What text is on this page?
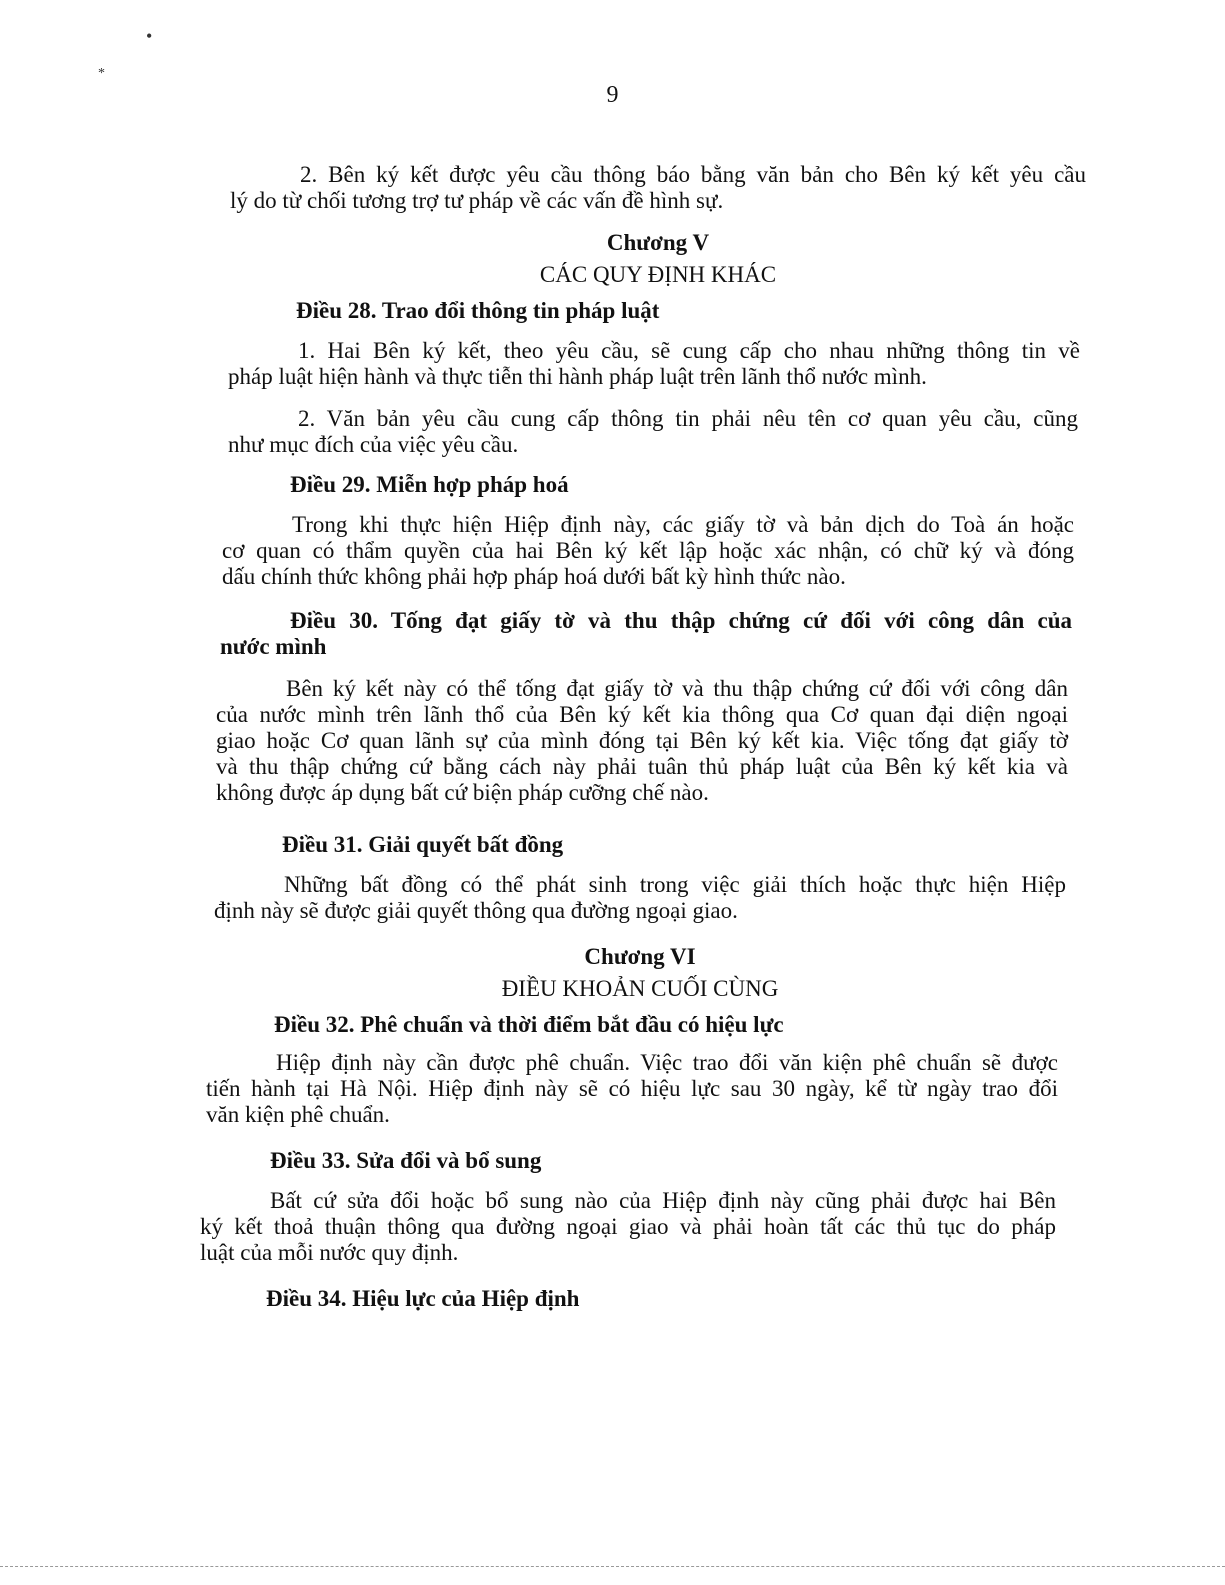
•
*
9
2. Bên ký kết được yêu cầu thông báo bằng văn bản cho Bên ký kết yêu cầu
lý do từ chối tương trợ tư pháp về các vấn đề hình sự.
Chương V
CÁC QUY ĐỊNH KHÁC
Điều 28. Trao đổi thông tin pháp luật
1. Hai Bên ký kết, theo yêu cầu, sẽ cung cấp cho nhau những thông tin về
pháp luật hiện hành và thực tiễn thi hành pháp luật trên lãnh thổ nước mình.
2. Văn bản yêu cầu cung cấp thông tin phải nêu tên cơ quan yêu cầu, cũng
như mục đích của việc yêu cầu.
Điều 29. Miễn hợp pháp hoá
Trong khi thực hiện Hiệp định này, các giấy tờ và bản dịch do Toà án hoặc
cơ quan có thẩm quyền của hai Bên ký kết lập hoặc xác nhận, có chữ ký và đóng
dấu chính thức không phải hợp pháp hoá dưới bất kỳ hình thức nào.
Điều 30. Tống đạt giấy tờ và thu thập chứng cứ đối với công dân của
nước mình
Bên ký kết này có thể tống đạt giấy tờ và thu thập chứng cứ đối với công dân
của nước mình trên lãnh thổ của Bên ký kết kia thông qua Cơ quan đại diện ngoại
giao hoặc Cơ quan lãnh sự của mình đóng tại Bên ký kết kia. Việc tống đạt giấy tờ
và thu thập chứng cứ bằng cách này phải tuân thủ pháp luật của Bên ký kết kia và
không được áp dụng bất cứ biện pháp cưỡng chế nào.
Điều 31. Giải quyết bất đồng
Những bất đồng có thể phát sinh trong việc giải thích hoặc thực hiện Hiệp
định này sẽ được giải quyết thông qua đường ngoại giao.
Chương VI
ĐIỀU KHOẢN CUỐI CÙNG
Điều 32. Phê chuẩn và thời điểm bắt đầu có hiệu lực
Hiệp định này cần được phê chuẩn. Việc trao đổi văn kiện phê chuẩn sẽ được
tiến hành tại Hà Nội. Hiệp định này sẽ có hiệu lực sau 30 ngày, kể từ ngày trao đổi
văn kiện phê chuẩn.
Điều 33. Sửa đổi và bổ sung
Bất cứ sửa đổi hoặc bổ sung nào của Hiệp định này cũng phải được hai Bên
ký kết thoả thuận thông qua đường ngoại giao và phải hoàn tất các thủ tục do pháp
luật của mỗi nước quy định.
Điều 34. Hiệu lực của Hiệp định
